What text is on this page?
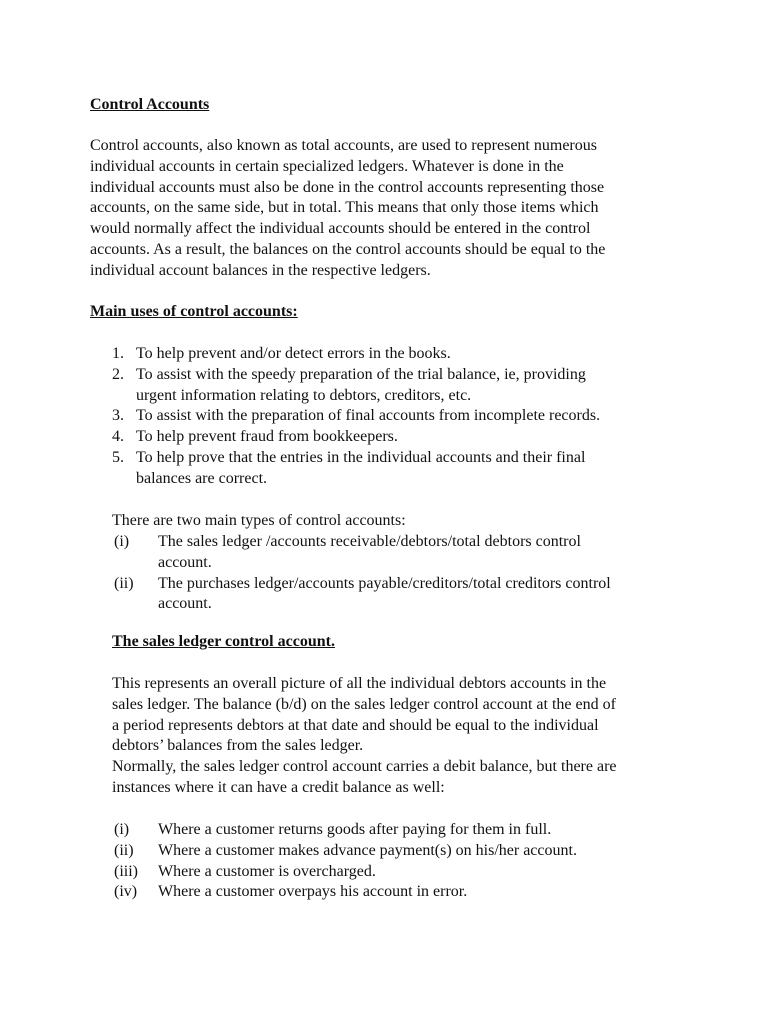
Control Accounts
Control accounts, also known as total accounts, are used to represent numerous
individual accounts in certain specialized ledgers. Whatever is done in the
individual accounts must also be done in the control accounts representing those
accounts, on the same side, but in total. This means that only those items which
would normally affect the individual accounts should be entered in the control
accounts. As a result, the balances on the control accounts should be equal to the
individual account balances in the respective ledgers.
Main uses of control accounts:
1. To help prevent and/or detect errors in the books.
2. To assist with the speedy preparation of the trial balance, ie, providing
urgent information relating to debtors, creditors, etc.
3. To assist with the preparation of final accounts from incomplete records.
4. To help prevent fraud from bookkeepers.
5. To help prove that the entries in the individual accounts and their final
balances are correct.
There are two main types of control accounts:
(i) The sales ledger /accounts receivable/debtors/total debtors control
account.
(ii) The purchases ledger/accounts payable/creditors/total creditors control
account.
The sales ledger control account.
This represents an overall picture of all the individual debtors accounts in the
sales ledger. The balance (b/d) on the sales ledger control account at the end of
a period represents debtors at that date and should be equal to the individual
debtors’ balances from the sales ledger.
Normally, the sales ledger control account carries a debit balance, but there are
instances where it can have a credit balance as well:
(i) Where a customer returns goods after paying for them in full.
(ii) Where a customer makes advance payment(s) on his/her account.
(iii) Where a customer is overcharged.
(iv) Where a customer overpays his account in error.
